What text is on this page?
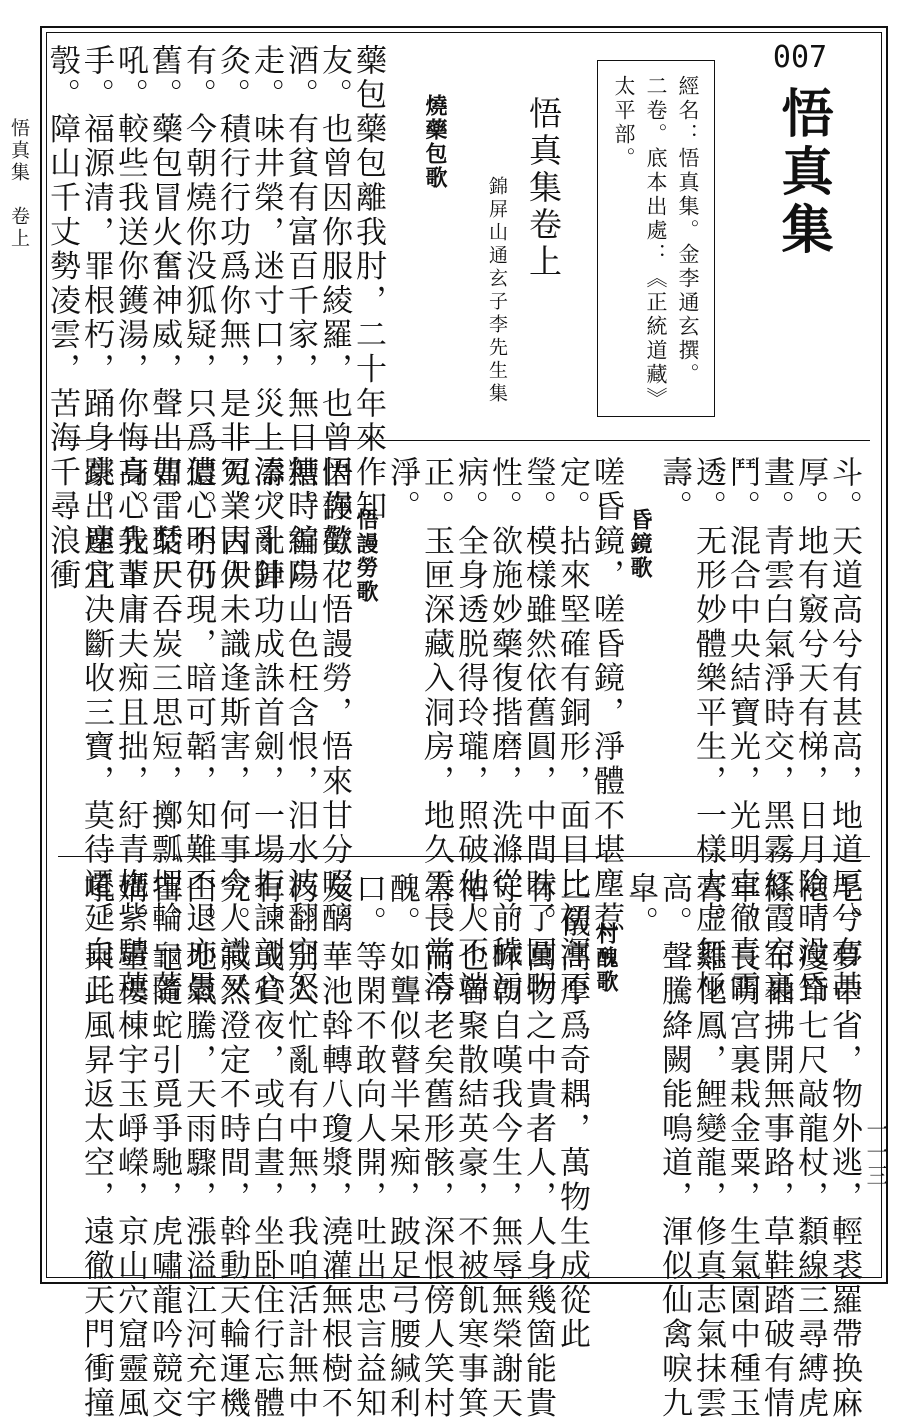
悟真集　卷上
一一三
007
悟真集
經名：悟真集。金李通玄撰。
二卷。底本出處：《正統道藏》
太平部。
悟真集卷上
錦屏山通玄子李先生集
燒藥包歌
藥包藥包離我肘，二十年來作知
友。也曾因你服綾羅，也曾因你歡花
酒。有貧有富百千家，無日無時編户
走。味井榮，迷寸口，災上添灾亂針
灸。積行行功爲你無，是非冤業因伊
有。今朝燒你没狐疑，只爲儂心不仍
舊。藥包冒火奮神威，聲出如雷聒天
吼。較些我送你鑊湯，你悔身心先下
手。福源清，罪根朽，踊身跳出塵凡
彀。障山千丈勢凌雲，苦海千尋浪衝
斗。天道高兮有甚高，地道厚兮有甚
厚。地有竅兮天有梯，日月陰晴没昏
晝。青雲白氣淨時交，黑霧紅霞空裏
鬥。混合中央結寶光，光明直徹青霄
透。无形妙體樂平生，一樣大虚無極
壽。
昏鏡歌
嗟昏鏡，嗟昏鏡，淨體不堪塵惹
定。拈來堅確有銅形，面目比初渾不
瑩。模樣雖然依舊圓，中間昧了圓明
性。欲施妙藥復揩磨，洗滌從前穢污
病。全身透脱得玲瓏，照破他人不端
正。玉匣深藏入洞房，地久天長常清
淨。
悟謾勞歌
悟謾勞，悟謾勞，悟來甘分啜醨
糟。首陽山色枉含恨，汨水波翻空怒
濤。十陣功成誅首劍，一場拒諫剖心
刀。古人未識逢斯害，何事今人識又
遭。明可現，暗可韜，知難不退亦愚
曹。焚尸吞炭三思短，擲瓢埋輪一著
高。我輩庸夫痴且拙，紆青拖紫騁英
豪。速宜决斷收三寶，莫待遷延白二
毛。夢中省，物外逃，輕裘羅帶换麻
袍。瘦笻七尺敲龍杖，纇線三尋縛虎
絛。布袖拂開無事路，草鞋踏破有情
牢。長明宫裏栽金粟，生氣園中種玉
膏。雞化鳳，鯉變龍，修真志氣抹雲
高。聲騰絳闕能鳴道，渾似仙禽唳九
皐。
村醜歌
二儀高厚爲奇耦，萬物生成從此
有。萬物之中貴者人，人身幾箇能貴
守。昨朝自嘆我今生，無辱無榮謝天
祐。也曾聚散結英豪，不被飢寒事箕
箒。而今老矣舊形骸，深恨傍人笑村
醜。如聾似瞽半呆痴，跛足弓腰緘利
口。等閑不敢向人開，吐出忠言益知
友。華池斡轉八瓊漿，澆灌無根樹不
朽。别人忙亂有中無，我咱活計無中
有。或貧夜，或白晝，坐卧住行忘體
究。寂然澄定不時間，斡動天輪運機
臼。地氣騰，天雨驟，漲溢江河充宇
宙。龜隨蛇引覓爭馳，虎嘯龍吟競交
媾。重樓棟宇玉崢嶸，京山穴窟靈風
吼。乘此風昇返太空，遠徹天門衝撞
